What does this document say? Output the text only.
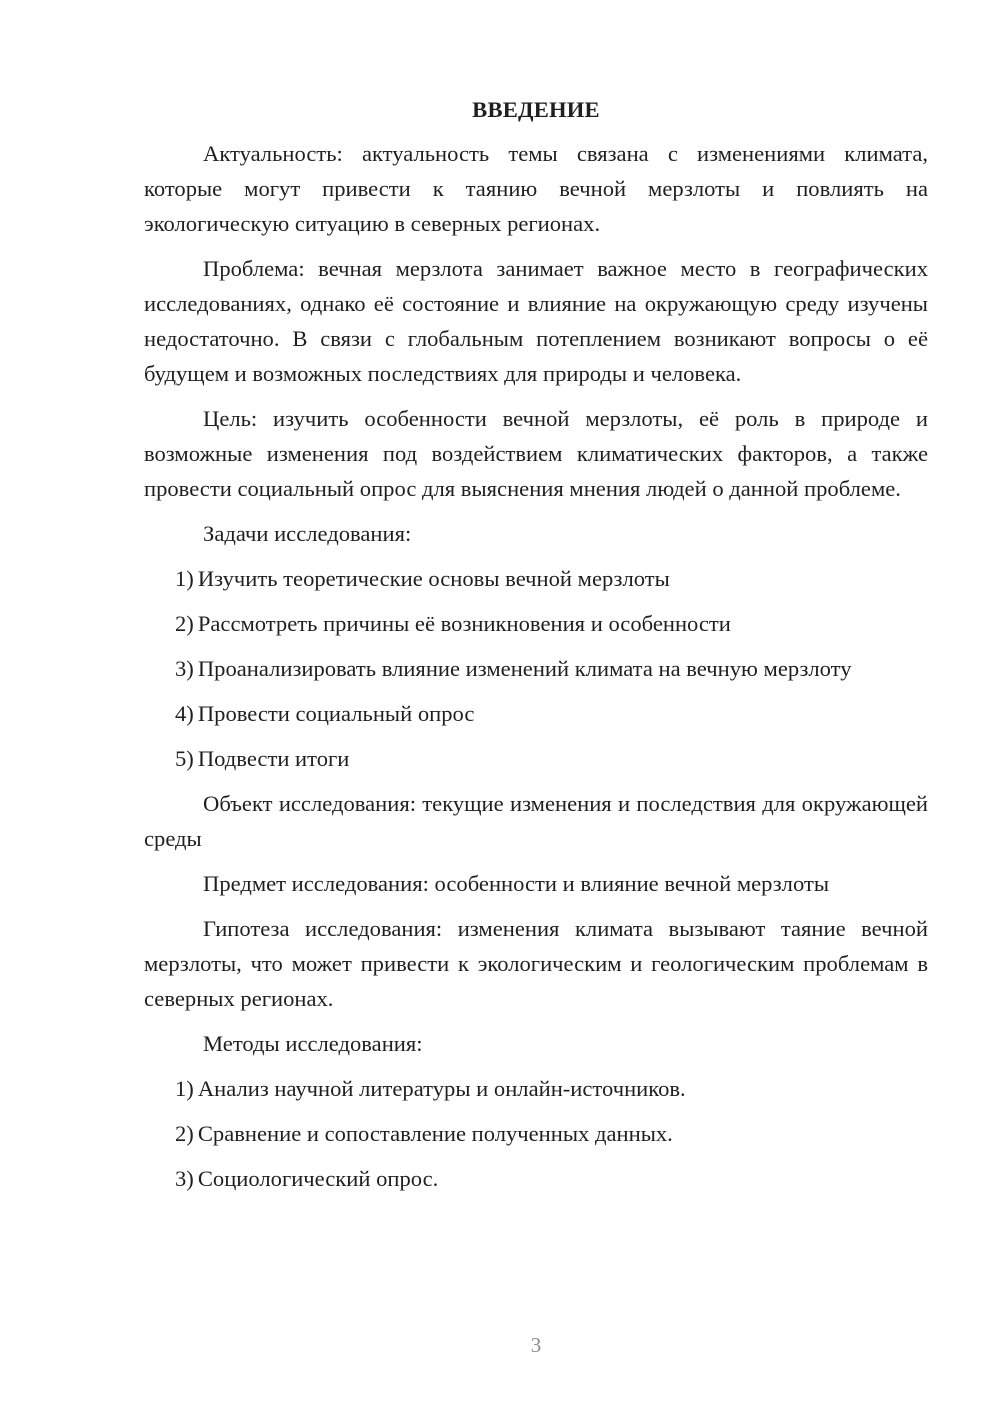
ВВЕДЕНИЕ

Актуальность: актуальность темы связана с изменениями климата, которые могут привести к таянию вечной мерзлоты и повлиять на экологическую ситуацию в северных регионах.

Проблема: вечная мерзлота занимает важное место в географических исследованиях, однако её состояние и влияние на окружающую среду изучены недостаточно. В связи с глобальным потеплением возникают вопросы о её будущем и возможных последствиях для природы и человека.

Цель: изучить особенности вечной мерзлоты, её роль в природе и возможные изменения под воздействием климатических факторов, а также провести социальный опрос для выяснения мнения людей о данной проблеме.

Задачи исследования:

1) Изучить теоретические основы вечной мерзлоты
2) Рассмотреть причины её возникновения и особенности
3) Проанализировать влияние изменений климата на вечную мерзлоту
4) Провести социальный опрос
5) Подвести итоги

Объект исследования: текущие изменения и последствия для окружающей среды

Предмет исследования: особенности и влияние вечной мерзлоты

Гипотеза исследования: изменения климата вызывают таяние вечной мерзлоты, что может привести к экологическим и геологическим проблемам в северных регионах.

Методы исследования:

1) Анализ научной литературы и онлайн-источников.
2) Сравнение и сопоставление полученных данных.
3) Социологический опрос.
3
